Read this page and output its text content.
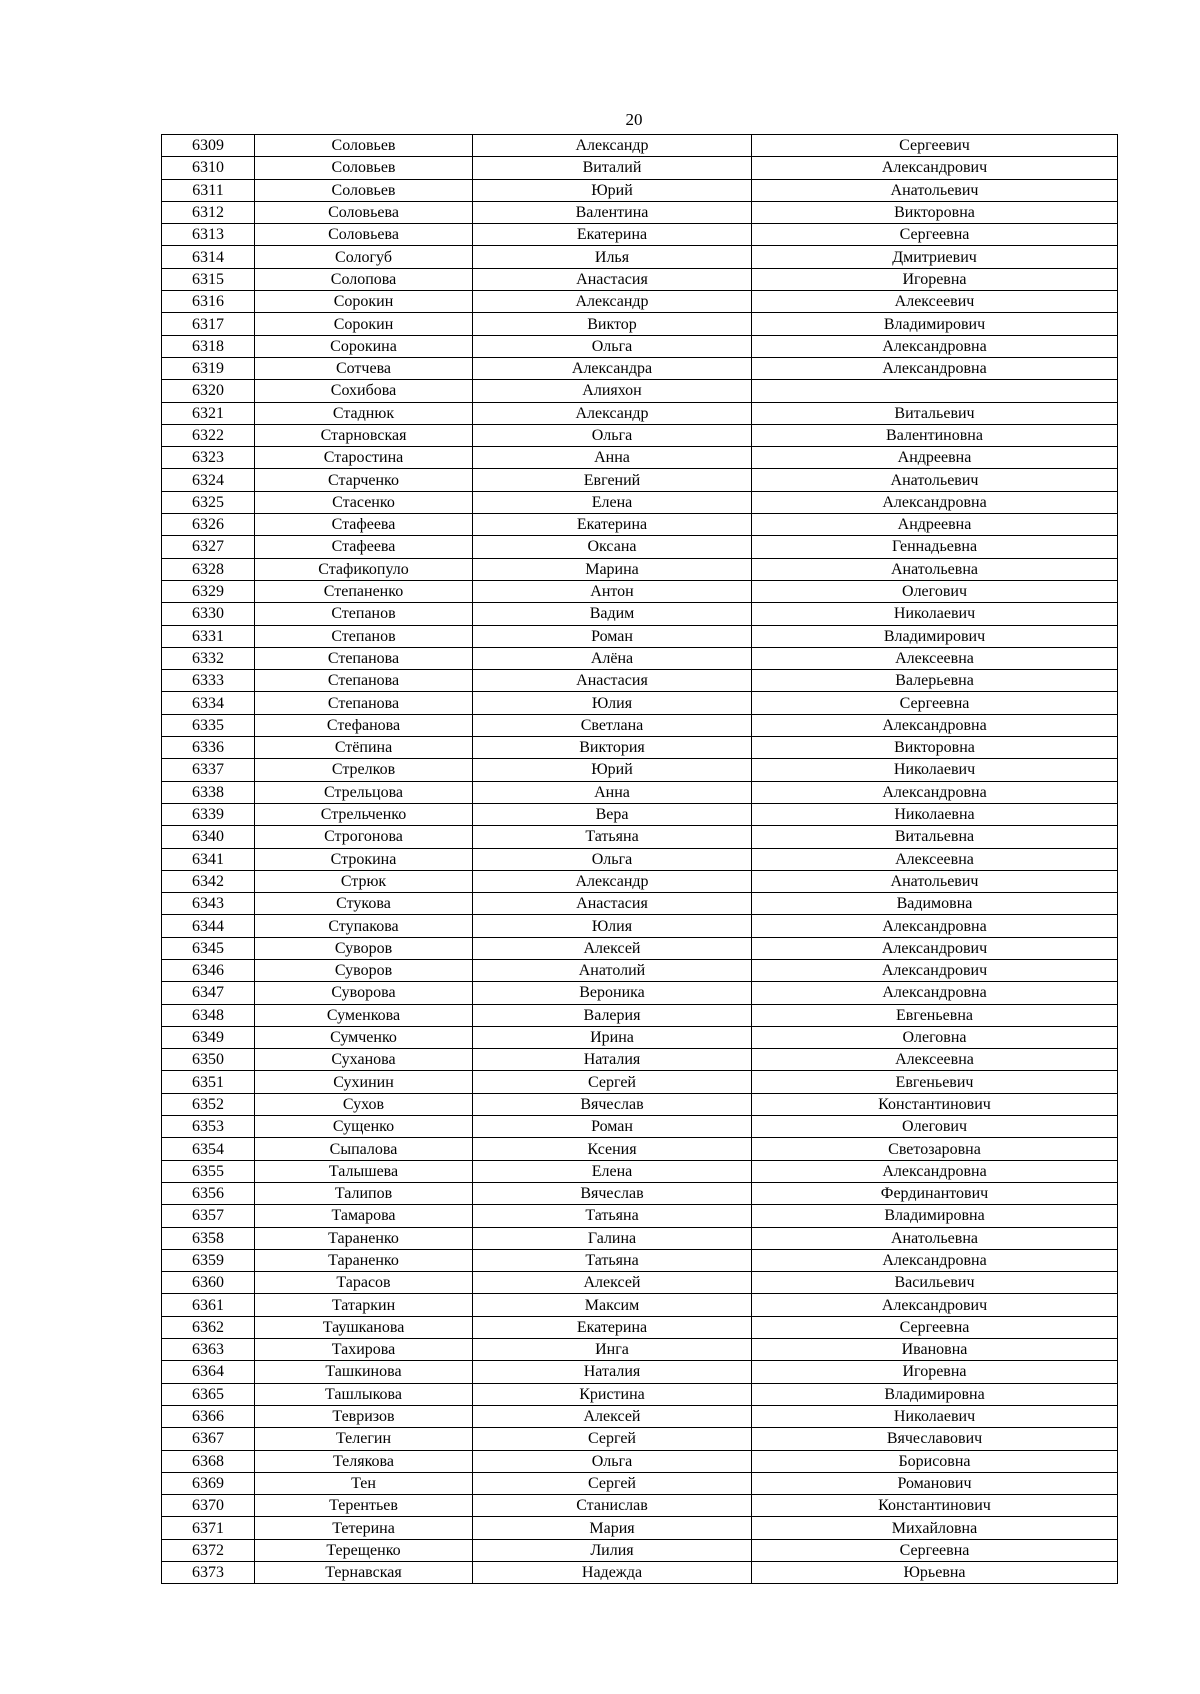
20
6309	Соловьев	Александр	Сергеевич
6310	Соловьев	Виталий	Александрович
6311	Соловьев	Юрий	Анатольевич
6312	Соловьева	Валентина	Викторовна
6313	Соловьева	Екатерина	Сергеевна
6314	Сологуб	Илья	Дмитриевич
6315	Солопова	Анастасия	Игоревна
6316	Сорокин	Александр	Алексеевич
6317	Сорокин	Виктор	Владимирович
6318	Сорокина	Ольга	Александровна
6319	Сотчева	Александра	Александровна
6320	Сохибова	Алияхон	
6321	Стаднюк	Александр	Витальевич
6322	Старновская	Ольга	Валентиновна
6323	Старостина	Анна	Андреевна
6324	Старченко	Евгений	Анатольевич
6325	Стасенко	Елена	Александровна
6326	Стафеева	Екатерина	Андреевна
6327	Стафеева	Оксана	Геннадьевна
6328	Стафикопуло	Марина	Анатольевна
6329	Степаненко	Антон	Олегович
6330	Степанов	Вадим	Николаевич
6331	Степанов	Роман	Владимирович
6332	Степанова	Алёна	Алексеевна
6333	Степанова	Анастасия	Валерьевна
6334	Степанова	Юлия	Сергеевна
6335	Стефанова	Светлана	Александровна
6336	Стёпина	Виктория	Викторовна
6337	Стрелков	Юрий	Николаевич
6338	Стрельцова	Анна	Александровна
6339	Стрельченко	Вера	Николаевна
6340	Строгонова	Татьяна	Витальевна
6341	Строкина	Ольга	Алексеевна
6342	Стрюк	Александр	Анатольевич
6343	Стукова	Анастасия	Вадимовна
6344	Ступакова	Юлия	Александровна
6345	Суворов	Алексей	Александрович
6346	Суворов	Анатолий	Александрович
6347	Суворова	Вероника	Александровна
6348	Суменкова	Валерия	Евгеньевна
6349	Сумченко	Ирина	Олеговна
6350	Суханова	Наталия	Алексеевна
6351	Сухинин	Сергей	Евгеньевич
6352	Сухов	Вячеслав	Константинович
6353	Сущенко	Роман	Олегович
6354	Сыпалова	Ксения	Светозаровна
6355	Талышева	Елена	Александровна
6356	Талипов	Вячеслав	Фердинантович
6357	Тамарова	Татьяна	Владимировна
6358	Тараненко	Галина	Анатольевна
6359	Тараненко	Татьяна	Александровна
6360	Тарасов	Алексей	Васильевич
6361	Татаркин	Максим	Александрович
6362	Таушканова	Екатерина	Сергеевна
6363	Тахирова	Инга	Ивановна
6364	Ташкинова	Наталия	Игоревна
6365	Ташлыкова	Кристина	Владимировна
6366	Тевризов	Алексей	Николаевич
6367	Телегин	Сергей	Вячеславович
6368	Телякова	Ольга	Борисовна
6369	Тен	Сергей	Романович
6370	Терентьев	Станислав	Константинович
6371	Тетерина	Мария	Михайловна
6372	Терещенко	Лилия	Сергеевна
6373	Тернавская	Надежда	Юрьевна
